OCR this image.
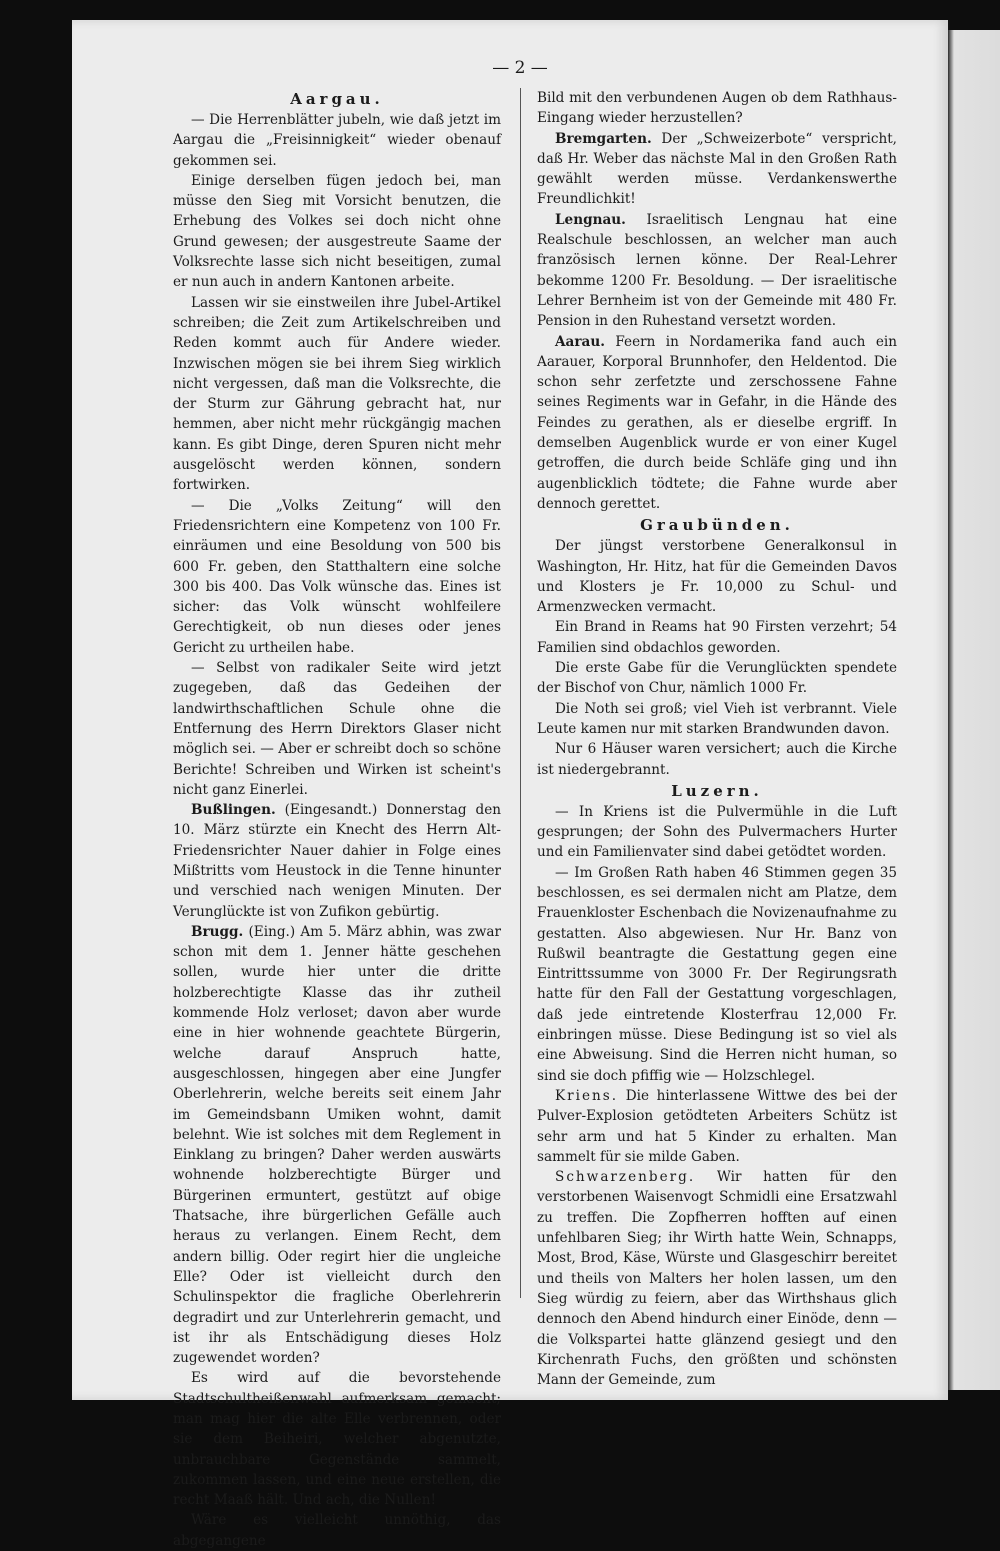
— 2 —
Aargau.

— Die Herrenblätter jubeln, wie daß jetzt im Aargau die „Freisinnigkeit“ wieder obenauf gekommen sei.

Einige derselben fügen jedoch bei, man müsse den Sieg mit Vorsicht benutzen, die Erhebung des Volkes sei doch nicht ohne Grund gewesen; der ausgestreute Saame der Volksrechte lasse sich nicht beseitigen, zumal er nun auch in andern Kantonen arbeite.

Lassen wir sie einstweilen ihre Jubel-Artikel schreiben; die Zeit zum Artikelschreiben und Reden kommt auch für Andere wieder. Inzwischen mögen sie bei ihrem Sieg wirklich nicht vergessen, daß man die Volksrechte, die der Sturm zur Gährung gebracht hat, nur hemmen, aber nicht mehr rückgängig machen kann. Es gibt Dinge, deren Spuren nicht mehr ausgelöscht werden können, sondern fortwirken.

— Die „Volks Zeitung“ will den Friedensrichtern eine Kompetenz von 100 Fr. einräumen und eine Besoldung von 500 bis 600 Fr. geben, den Statthaltern eine solche 300 bis 400. Das Volk wünsche das. Eines ist sicher: das Volk wünscht wohlfeilere Gerechtigkeit, ob nun dieses oder jenes Gericht zu urtheilen habe.

— Selbst von radikaler Seite wird jetzt zugegeben, daß das Gedeihen der landwirthschaftlichen Schule ohne die Entfernung des Herrn Direktors Glaser nicht möglich sei. — Aber er schreibt doch so schöne Berichte! Schreiben und Wirken ist scheint's nicht ganz Einerlei.

Bußlingen. (Eingesandt.) Donnerstag den 10. März stürzte ein Knecht des Herrn Alt-Friedensrichter Nauer dahier in Folge eines Mißtritts vom Heustock in die Tenne hinunter und verschied nach wenigen Minuten. Der Verunglückte ist von Zufikon gebürtig.

Brugg. (Eing.) Am 5. März abhin, was zwar schon mit dem 1. Jenner hätte geschehen sollen, wurde hier unter die dritte holzberechtigte Klasse das ihr zutheil kommende Holz verloset; davon aber wurde eine in hier wohnende geachtete Bürgerin, welche darauf Anspruch hatte, ausgeschlossen, hingegen aber eine Jungfer Oberlehrerin, welche bereits seit einem Jahr im Gemeindsbann Umiken wohnt, damit belehnt. Wie ist solches mit dem Reglement in Einklang zu bringen? Daher werden auswärts wohnende holzberechtigte Bürger und Bürgerinen ermuntert, gestützt auf obige Thatsache, ihre bürgerlichen Gefälle auch heraus zu verlangen. Einem Recht, dem andern billig. Oder regirt hier die ungleiche Elle? Oder ist vielleicht durch den Schulinspektor die fragliche Oberlehrerin degradirt und zur Unterlehrerin gemacht, und ist ihr als Entschädigung dieses Holz zugewendet worden?

Es wird auf die bevorstehende Stadtschultheißenwahl aufmerksam gemacht; man mag hier die alte Elle verbrennen, oder sie dem Beiheiri, welcher abgenutzte, unbrauchbare Gegenstände sammelt, zukommen lassen, und eine neue erstellen, die recht Maaß hält. Und ach, die Nullen!

Wäre es vielleicht unnöthig, das abgegangene

Bild mit den verbundenen Augen ob dem Rathhaus-Eingang wieder herzustellen?

Bremgarten. Der „Schweizerbote“ verspricht, daß Hr. Weber das nächste Mal in den Großen Rath gewählt werden müsse. Verdankenswerthe Freundlichkit!

Lengnau. Israelitisch Lengnau hat eine Realschule beschlossen, an welcher man auch französisch lernen könne. Der Real-Lehrer bekomme 1200 Fr. Besoldung. — Der israelitische Lehrer Bernheim ist von der Gemeinde mit 480 Fr. Pension in den Ruhestand versetzt worden.

Aarau. Feern in Nordamerika fand auch ein Aarauer, Korporal Brunnhofer, den Heldentod. Die schon sehr zerfetzte und zerschossene Fahne seines Regiments war in Gefahr, in die Hände des Feindes zu gerathen, als er dieselbe ergriff. In demselben Augenblick wurde er von einer Kugel getroffen, die durch beide Schläfe ging und ihn augenblicklich tödtete; die Fahne wurde aber dennoch gerettet.

Graubünden.

Der jüngst verstorbene Generalkonsul in Washington, Hr. Hitz, hat für die Gemeinden Davos und Klosters je Fr. 10,000 zu Schul- und Armenzwecken vermacht.

Ein Brand in Reams hat 90 Firsten verzehrt; 54 Familien sind obdachlos geworden.

Die erste Gabe für die Verunglückten spendete der Bischof von Chur, nämlich 1000 Fr.

Die Noth sei groß; viel Vieh ist verbrannt. Viele Leute kamen nur mit starken Brandwunden davon.

Nur 6 Häuser waren versichert; auch die Kirche ist niedergebrannt.

Luzern.

— In Kriens ist die Pulvermühle in die Luft gesprungen; der Sohn des Pulvermachers Hurter und ein Familienvater sind dabei getödtet worden.

— Im Großen Rath haben 46 Stimmen gegen 35 beschlossen, es sei dermalen nicht am Platze, dem Frauenkloster Eschenbach die Novizenaufnahme zu gestatten. Also abgewiesen. Nur Hr. Banz von Rußwil beantragte die Gestattung gegen eine Eintrittssumme von 3000 Fr. Der Regirungsrath hatte für den Fall der Gestattung vorgeschlagen, daß jede eintretende Klosterfrau 12,000 Fr. einbringen müsse. Diese Bedingung ist so viel als eine Abweisung. Sind die Herren nicht human, so sind sie doch pfiffig wie — Holzschlegel.

Kriens. Die hinterlassene Wittwe des bei der Pulver-Explosion getödteten Arbeiters Schütz ist sehr arm und hat 5 Kinder zu erhalten. Man sammelt für sie milde Gaben.

Schwarzenberg. Wir hatten für den verstorbenen Waisenvogt Schmidli eine Ersatzwahl zu treffen. Die Zopfherren hofften auf einen unfehlbaren Sieg; ihr Wirth hatte Wein, Schnapps, Most, Brod, Käse, Würste und Glasgeschirr bereitet und theils von Malters her holen lassen, um den Sieg würdig zu feiern, aber das Wirthshaus glich dennoch den Abend hindurch einer Einöde, denn — die Volkspartei hatte glänzend gesiegt und den Kirchenrath Fuchs, den größten und schönsten Mann der Gemeinde, zum
